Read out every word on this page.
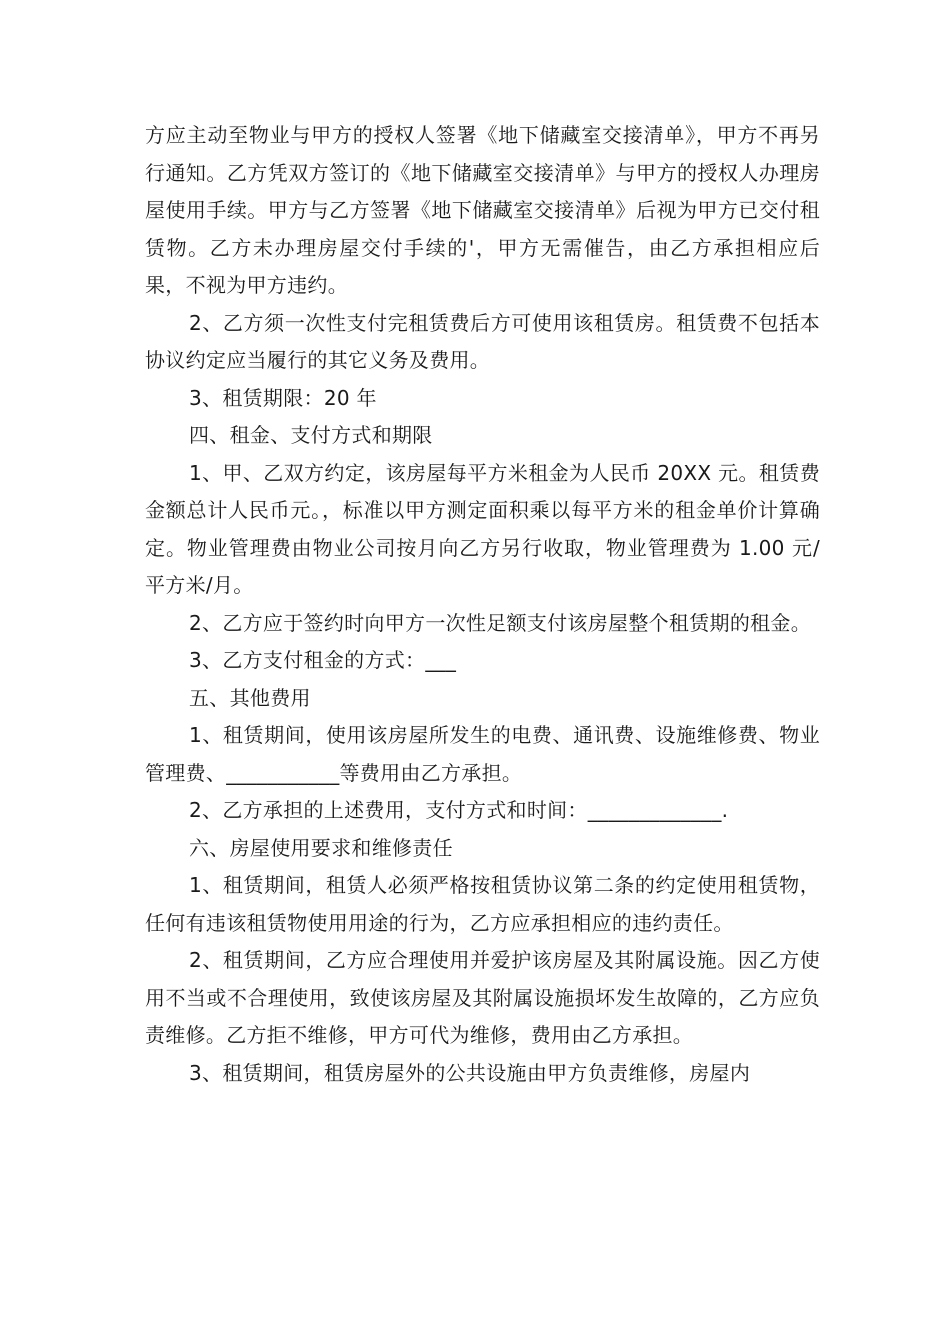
方应主动至物业与甲方的授权人签署《地下储藏室交接清单》，甲方不再另行通知。乙方凭双方签订的《地下储藏室交接清单》与甲方的授权人办理房屋使用手续。甲方与乙方签署《地下储藏室交接清单》后视为甲方已交付租赁物。乙方未办理房屋交付手续的'，甲方无需催告，由乙方承担相应后果，不视为甲方违约。

2、乙方须一次性支付完租赁费后方可使用该租赁房。租赁费不包括本协议约定应当履行的其它义务及费用。

3、租赁期限：20 年

四、租金、支付方式和期限

1、甲、乙双方约定，该房屋每平方米租金为人民币 20XX 元。租赁费金额总计人民币元。，标准以甲方测定面积乘以每平方米的租金单价计算确定。物业管理费由物业公司按月向乙方另行收取，物业管理费为 1.00 元/平方米/月。

2、乙方应于签约时向甲方一次性足额支付该房屋整个租赁期的租金。

3、乙方支付租金的方式：___

五、其他费用

1、租赁期间，使用该房屋所发生的电费、通讯费、设施维修费、物业管理费、___________等费用由乙方承担。

2、乙方承担的上述费用，支付方式和时间：_____________.

六、房屋使用要求和维修责任

1、租赁期间，租赁人必须严格按租赁协议第二条的约定使用租赁物，任何有违该租赁物使用用途的行为，乙方应承担相应的违约责任。

2、租赁期间，乙方应合理使用并爱护该房屋及其附属设施。因乙方使用不当或不合理使用，致使该房屋及其附属设施损坏发生故障的，乙方应负责维修。乙方拒不维修，甲方可代为维修，费用由乙方承担。

3、租赁期间，租赁房屋外的公共设施由甲方负责维修，房屋内
